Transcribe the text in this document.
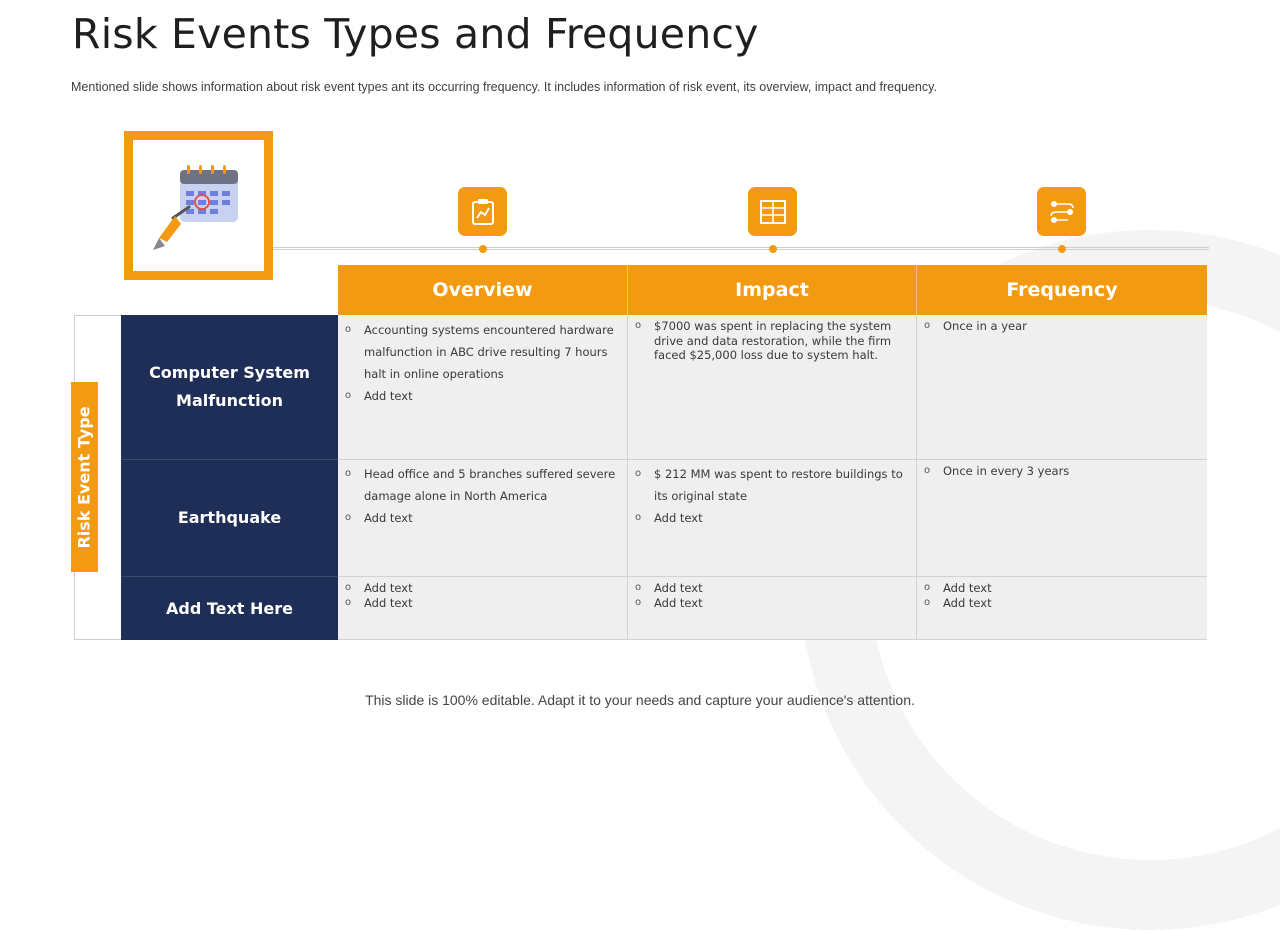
Risk Events Types and Frequency
Mentioned slide shows information about risk event types ant its occurring frequency. It includes information of risk event, its overview, impact and frequency.
Overview	Impact	Frequency
Risk Event Type
Computer System Malfunction
Earthquake
Add Text Here
o Accounting systems encountered hardware malfunction in ABC drive resulting 7 hours halt in online operations
o Add text
o $7000 was spent in replacing the system drive and data restoration, while the firm faced $25,000 loss due to system halt.
o Once in a year
o Head office and 5 branches suffered severe damage alone in North America
o Add text
o $ 212 MM was spent to restore buildings to its original state
o Add text
o Once in every 3 years
o Add text
o Add text
o Add text
o Add text
o Add text
o Add text
This slide is 100% editable. Adapt it to your needs and capture your audience's attention.
